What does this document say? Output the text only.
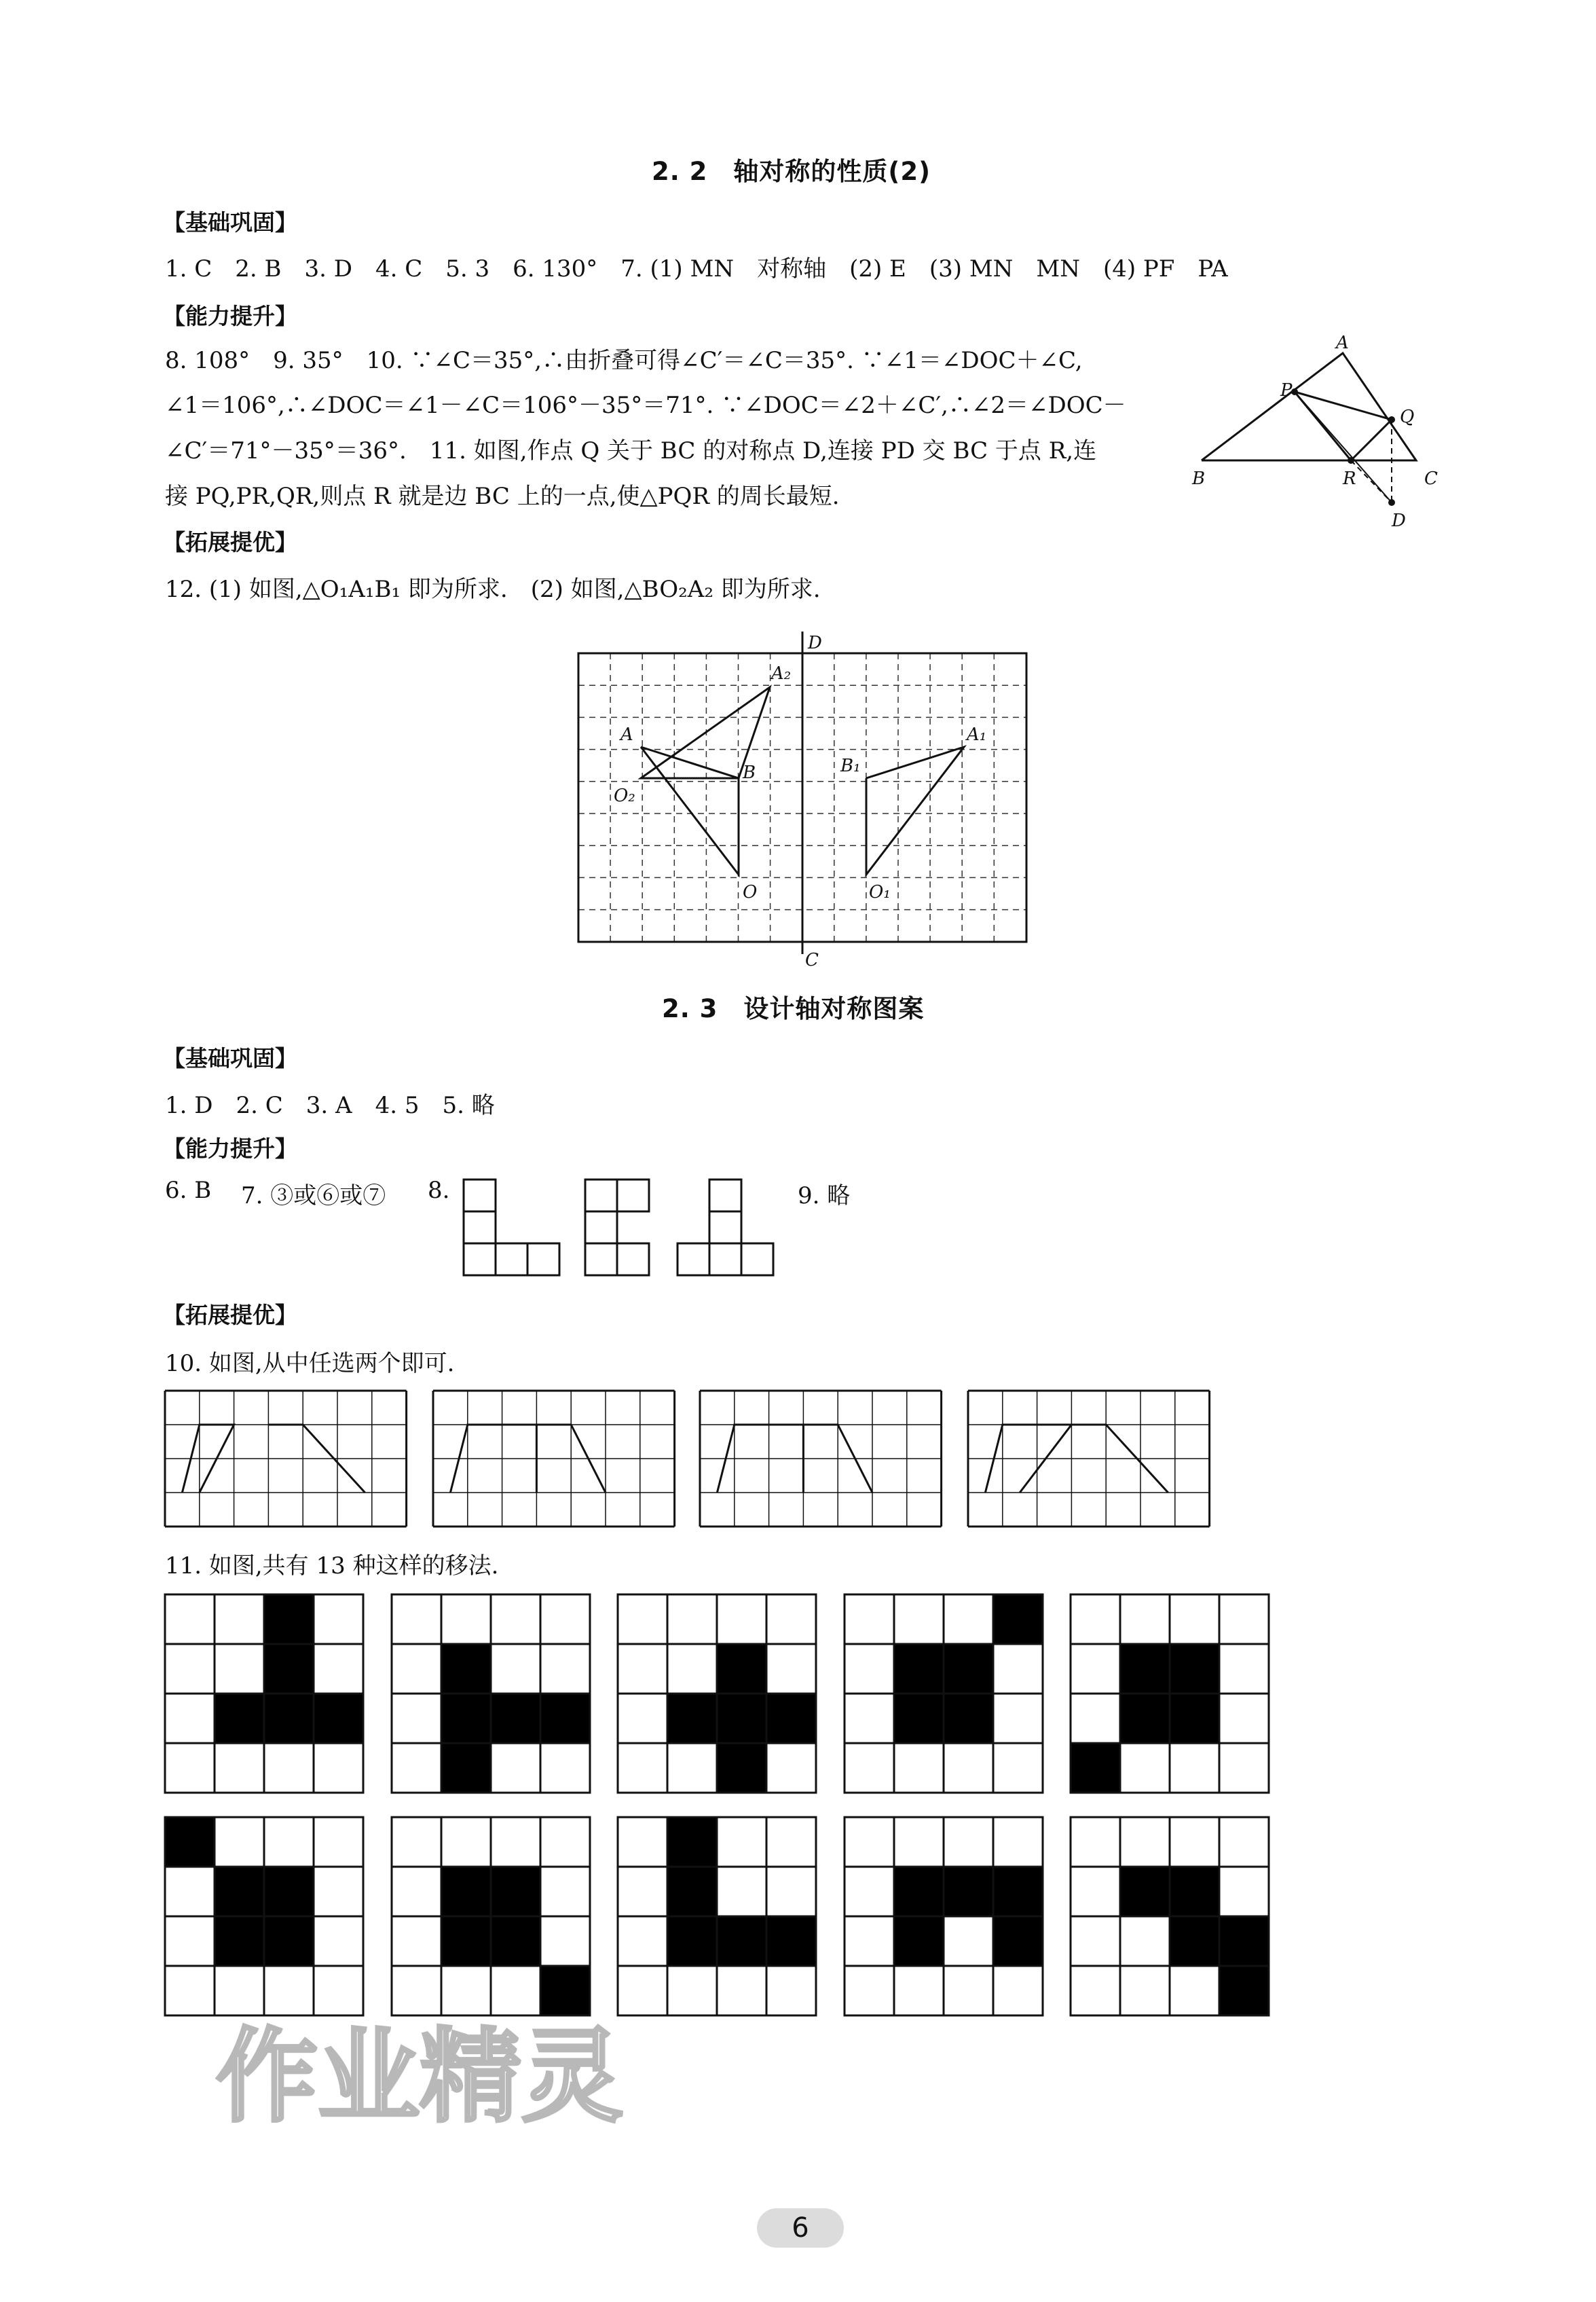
2. 2　轴对称的性质(2)
【基础巩固】
1. C　2. B　3. D　4. C　5. 3　6. 130°　7. (1) MN　对称轴　(2) E　(3) MN　MN　(4) PF　PA
【能力提升】
8. 108°　9. 35°　10. ∵∠C＝35°,∴由折叠可得∠C′＝∠C＝35°. ∵∠1＝∠DOC＋∠C,
∠1＝106°,∴∠DOC＝∠1－∠C＝106°－35°＝71°. ∵∠DOC＝∠2＋∠C′,∴∠2＝∠DOC－
∠C′＝71°－35°＝36°.　11. 如图,作点 Q 关于 BC 的对称点 D,连接 PD 交 BC 于点 R,连
接 PQ,PR,QR,则点 R 就是边 BC 上的一点,使△PQR 的周长最短.
A
P
Q
B	R	C
D
【拓展提优】
12. (1) 如图,△O₁A₁B₁ 即为所求.　(2) 如图,△BO₂A₂ 即为所求.
D
C
A₂
A
B
O₂
O
B₁
A₁
O₁
2. 3　设计轴对称图案
【基础巩固】
1. D　2. C　3. A　4. 5　5. 略
【能力提升】
6. B 7. ③或⑥或⑦ 8.	9. 略
【拓展提优】
10. 如图,从中任选两个即可.
11. 如图,共有 13 种这样的移法.
作业精灵
6
